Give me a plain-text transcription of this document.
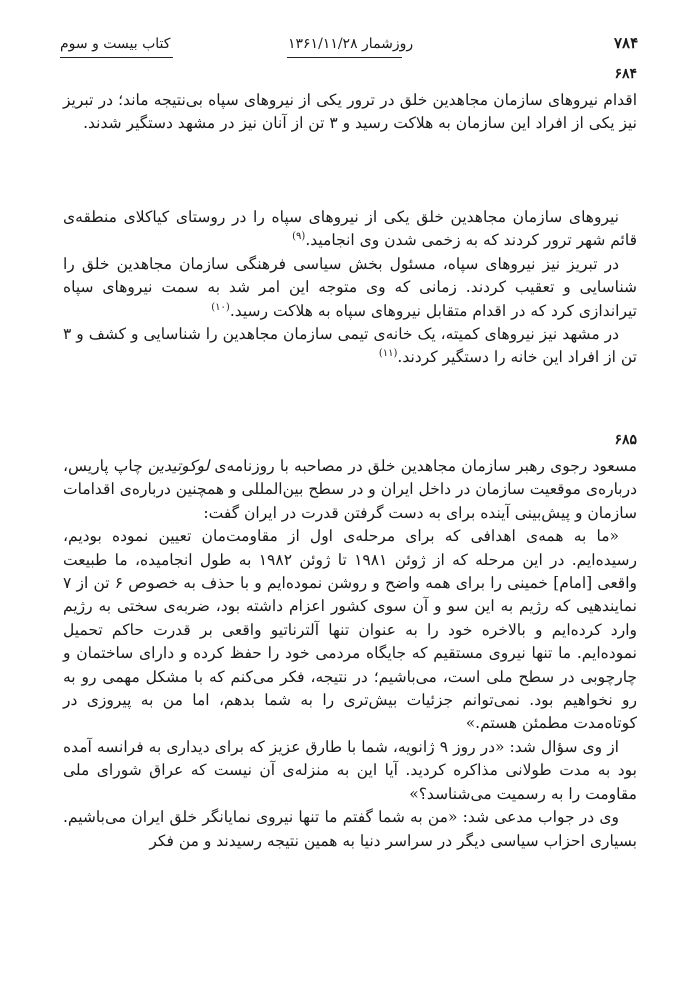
کتاب بیست و سوم	روزشمار ۱۳۶۱/۱۱/۲۸	۷۸۴
۶۸۴

اقدام نیروهای سازمان مجاهدین خلق در ترور یکی از نیروهای سپاه بی‌نتیجه ماند؛ در تبریز نیز یکی از افراد این سازمان به هلاکت رسید و ۳ تن از آنان نیز در مشهد دستگیر شدند.

نیروهای سازمان مجاهدین خلق یکی از نیروهای سپاه را در روستای کیاکلای منطقه‌ی قائم شهر ترور کردند که به زخمی شدن وی انجامید.$^{(۹)}$

در تبریز نیز نیروهای سپاه، مسئول بخش سیاسی فرهنگی سازمان مجاهدین خلق را شناسایی و تعقیب کردند. زمانی که وی متوجه این امر شد به سمت نیروهای سپاه تیراندازی کرد که در اقدام متقابل نیروهای سپاه به هلاکت رسید.$^{(۱۰)}$

در مشهد نیز نیروهای کمیته، یک خانه‌ی تیمی سازمان مجاهدین را شناسایی و کشف و ۳ تن از افراد این خانه را دستگیر کردند.$^{(۱۱)}$

۶۸۵

مسعود رجوی رهبر سازمان مجاهدین خلق در مصاحبه با روزنامه‌ی لوکوتیدین چاپ پاریس، درباره‌ی موقعیت سازمان در داخل ایران و در سطح بین‌المللی و همچنین درباره‌ی اقدامات سازمان و پیش‌بینی آینده برای به دست گرفتن قدرت در ایران گفت:

«ما به همه‌ی اهدافی که برای مرحله‌ی اول از مقاومت‌مان تعیین نموده بودیم، رسیده‌ایم. در این مرحله که از ژوئن ۱۹۸۱ تا ژوئن ۱۹۸۲ به طول انجامیده، ما طبیعت واقعی [امام] خمینی را برای همه واضح و روشن نموده‌ایم و با حذف به خصوص ۶ تن از ۷ نمایندهیی که رژیم به این سو و آن سوی کشور اعزام داشته بود، ضربه‌ی سختی به رژیم وارد کرده‌ایم و بالاخره خود را به عنوان تنها آلترناتیو واقعی بر قدرت حاکم تحمیل نموده‌ایم. ما تنها نیروی مستقیم که جایگاه مردمی خود را حفظ کرده و دارای ساختمان و چارچوبی در سطح ملی است، می‌باشیم؛ در نتیجه، فکر می‌کنم که با مشکل مهمی رو به رو نخواهیم بود. نمی‌توانم جزئیات بیش‌تری را به شما بدهم، اما من به پیروزی در کوتاه‌مدت مطمئن هستم.»

از وی سؤال شد: «در روز ۹ ژانویه، شما با طارق عزیز که برای دیداری به فرانسه آمده بود به مدت طولانی مذاکره کردید. آیا این به منزله‌ی آن نیست که عراق شورای ملی مقاومت را به رسمیت می‌شناسد؟»

وی در جواب مدعی شد: «من به شما گفتم ما تنها نیروی نمایانگر خلق ایران می‌باشیم. بسیاری احزاب سیاسی دیگر در سراسر دنیا به همین نتیجه رسیدند و من فکر
